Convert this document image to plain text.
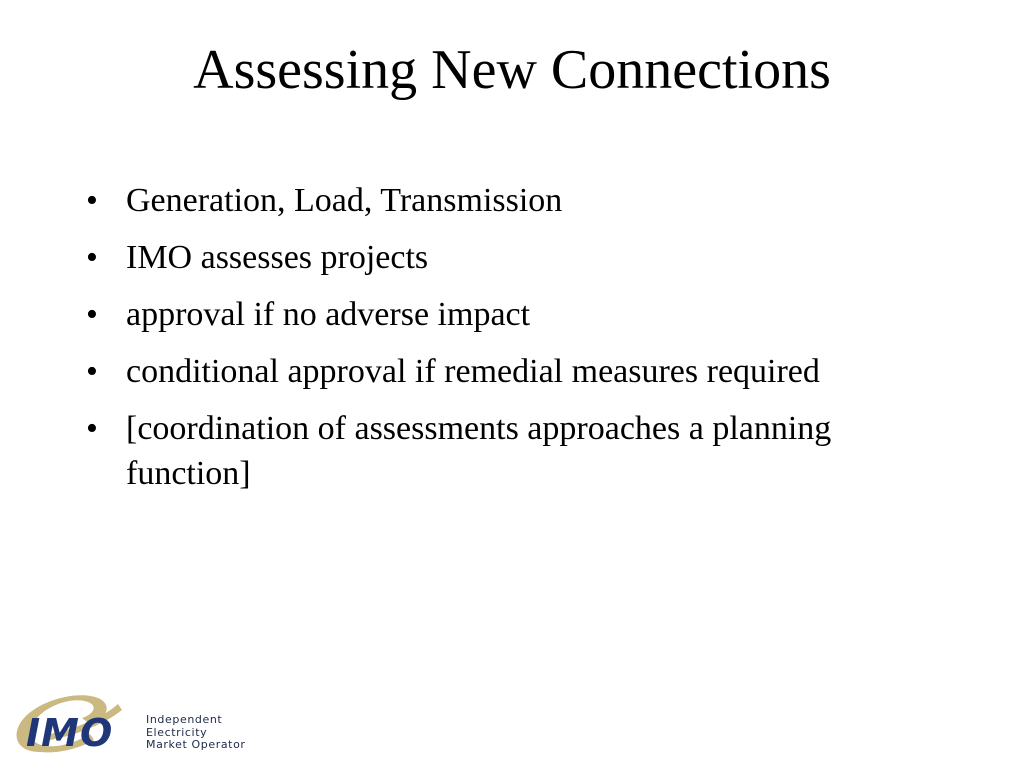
Assessing New Connections
• Generation, Load, Transmission
• IMO assesses projects
• approval if no adverse impact
• conditional approval if remedial measures required
• [coordination of assessments approaches a planning function]
IMO	Independent
Electricity
Market Operator
